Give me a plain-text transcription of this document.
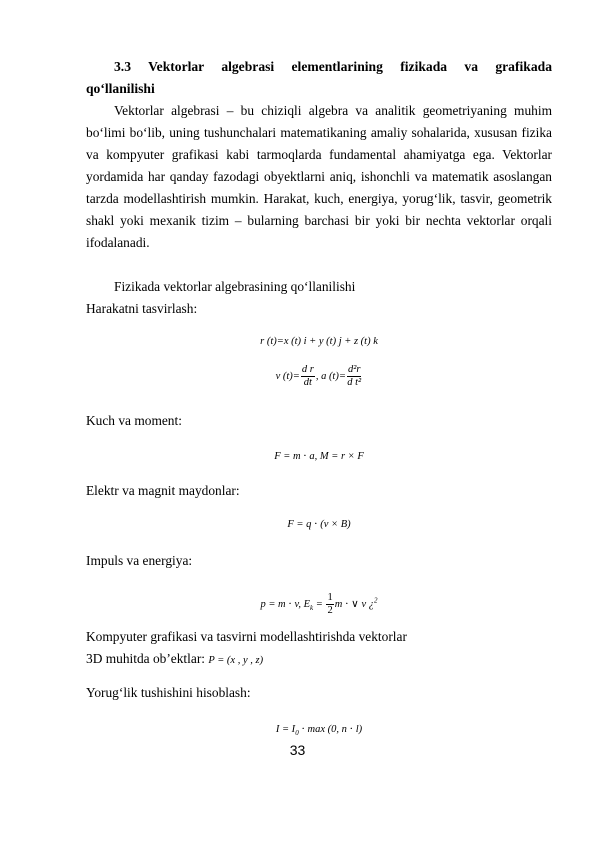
3.3 Vektorlar algebrasi elementlarining fizikada va grafikada
qo‘llanilishi

Vektorlar algebrasi – bu chiziqli algebra va analitik geometriyaning muhim bo‘limi bo‘lib, uning tushunchalari matematikaning amaliy sohalarida, xususan fizika va kompyuter grafikasi kabi tarmoqlarda fundamental ahamiyatga ega. Vektorlar yordamida har qanday fazodagi obyektlarni aniq, ishonchli va matematik asoslangan tarzda modellashtirish mumkin. Harakat, kuch, energiya, yorug‘lik, tasvir, geometrik shakl yoki mexanik tizim – bularning barchasi bir yoki bir nechta vektorlar orqali ifodalanadi.

Fizikada vektorlar algebrasining qo‘llanilishi
Harakatni tasvirlash:
r (t)=x (t) i + y (t) j + z (t) k
v $(t)= \frac{\text{d r}}{dt}$ , a $(t)= \frac{\text{d²r}}{\text{d t²}}$
Kuch va moment:
F = m ⋅ a, M = r × F
Elektr va magnit maydonlar:
F = q ⋅ (v × B)
Impuls va energiya:
p = m ⋅ v, $E_k = \frac{1}{2}$ m ⋅ ∨ v ¿$^2$
Kompyuter grafikasi va tasvirni modellashtirishda vektorlar
3D muhitda ob’ektlar: P = (x , y , z)
Yorug‘lik tushishini hisoblash:
$I = I_0 \cdot \max (0$, n ⋅ l)
33
